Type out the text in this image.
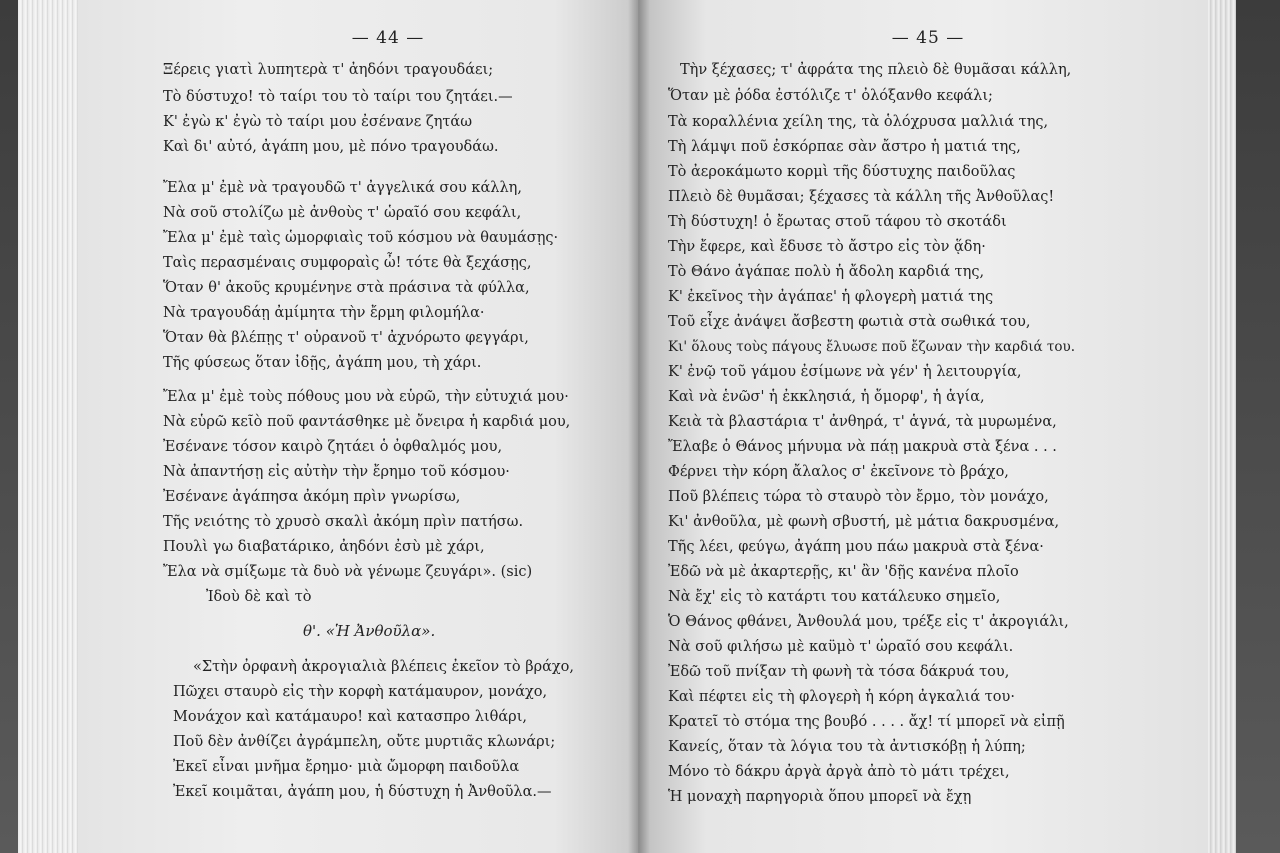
— 44 —
Ξέρεις γιατὶ λυπητερὰ τ' ἀηδόνι τραγουδάει;
Τὸ δύστυχο! τὸ ταίρι του τὸ ταίρι του ζητάει.—
Κ' ἐγὼ κ' ἐγὼ τὸ ταίρι μου ἐσένανε ζητάω
Καὶ δι' αὐτό, ἀγάπη μου, μὲ πόνο τραγουδάω.
Ἔλα μ' ἐμὲ νὰ τραγουδῶ τ' ἀγγελικά σου κάλλη,
Νὰ σοῦ στολίζω μὲ ἀνθοὺς τ' ὡραῖό σου κεφάλι,
Ἔλα μ' ἐμὲ ταὶς ὡμορφιαὶς τοῦ κόσμου νὰ θαυμάσῃς·
Ταὶς περασμέναις συμφοραὶς ὦ! τότε θὰ ξεχάσῃς,
Ὅταν θ' ἀκοῦς κρυμένηνε στὰ πράσινα τὰ φύλλα,
Νὰ τραγουδάῃ ἀμίμητα τὴν ἔρμη φιλομήλα·
Ὅταν θὰ βλέπῃς τ' οὐρανοῦ τ' ἀχνόρωτο φεγγάρι,
Τῆς φύσεως ὅταν ἰδῇς, ἀγάπη μου, τὴ χάρι.
Ἔλα μ' ἐμὲ τοὺς πόθους μου νὰ εὑρῶ, τὴν εὐτυχιά μου·
Νὰ εὑρῶ κεῖὸ ποῦ φαντάσθηκε μὲ ὄνειρα ἡ καρδιά μου,
Ἐσένανε τόσον καιρὸ ζητάει ὁ ὀφθαλμός μου,
Νὰ ἀπαντήσῃ εἰς αὐτὴν τὴν ἔρημο τοῦ κόσμου·
Ἐσένανε ἀγάπησα ἀκόμη πρὶν γνωρίσω,
Τῆς νειότης τὸ χρυσὸ σκαλὶ ἀκόμη πρὶν πατήσω.
Πουλὶ γω διαβατάρικο, ἀηδόνι ἐσὺ μὲ χάρι,
Ἔλα νὰ σμίξωμε τὰ δυὸ νὰ γένωμε ζευγάρι». (sic)
Ἰδοὺ δὲ καὶ τὸ
θ'. «Ἡ Ἀνθοῦλα».
«Στὴν ὀρφανὴ ἀκρογιαλιὰ βλέπεις ἐκεῖον τὸ βράχο,
Πῶχει σταυρὸ εἰς τὴν κορφὴ κατάμαυρον, μονάχο,
Μονάχον καὶ κατάμαυρο! καὶ κατασπρο λιθάρι,
Ποῦ δὲν ἀνθίζει ἀγράμπελη, οὔτε μυρτιᾶς κλωνάρι;
Ἐκεῖ εἶναι μνῆμα ἔρημο· μιὰ ὤμορφη παιδοῦλα
Ἐκεῖ κοιμᾶται, ἀγάπη μου, ἡ δύστυχη ἡ Ἀνθοῦλα.—
— 45 —
Τὴν ξέχασες; τ' ἀφράτα της πλειὸ δὲ θυμᾶσαι κάλλη,
Ὅταν μὲ ῥόδα ἐστόλιζε τ' ὀλόξανθο κεφάλι;
Τὰ κοραλλένια χείλη της, τὰ ὁλόχρυσα μαλλιά της,
Τὴ λάμψι ποῦ ἐσκόρπαε σὰν ἄστρο ἡ ματιά της,
Τὸ ἀεροκάμωτο κορμὶ τῆς δύστυχης παιδοῦλας
Πλειὸ δὲ θυμᾶσαι; ξέχασες τὰ κάλλη τῆς Ἀνθοῦλας!
Τὴ δύστυχη! ὁ ἔρωτας στοῦ τάφου τὸ σκοτάδι
Τὴν ἔφερε, καὶ ἔδυσε τὸ ἄστρο εἰς τὸν ᾅδη·
Τὸ Θάνο ἀγάπαε πολὺ ἡ ἄδολη καρδιά της,
Κ' ἐκεῖνος τὴν ἀγάπαε' ἡ φλογερὴ ματιά της
Τοῦ εἶχε ἀνάψει ἄσβεστη φωτιὰ στὰ σωθικά του,
Κι' ὅλους τοὺς πάγους ἔλυωσε ποῦ ἔζωναν τὴν καρδιά του.
Κ' ἐνῷ τοῦ γάμου ἐσίμωνε νὰ γέν' ἡ λειτουργία,
Καὶ νὰ ἑνῶσ' ἡ ἐκκλησιά, ἡ ὄμορφ', ἡ ἁγία,
Κειὰ τὰ βλαστάρια τ' ἀνθηρά, τ' ἁγνά, τὰ μυρωμένα,
Ἔλαβε ὁ Θάνος μήνυμα νὰ πάῃ μακρυὰ στὰ ξένα . . .
Φέρνει τὴν κόρη ἄλαλος σ' ἐκεῖνονε τὸ βράχο,
Ποῦ βλέπεις τώρα τὸ σταυρὸ τὸν ἔρμο, τὸν μονάχο,
Κι' ἀνθοῦλα, μὲ φωνὴ σβυστή, μὲ μάτια δακρυσμένα,
Τῆς λέει, φεύγω, ἀγάπη μου πάω μακρυὰ στὰ ξένα·
Ἐδῶ νὰ μὲ ἀκαρτερῇς, κι' ἂν 'δῇς κανένα πλοῖο
Νὰ ἔχ' εἰς τὸ κατάρτι του κατάλευκο σημεῖο,
Ὁ Θάνος φθάνει, Ἀνθουλά μου, τρέξε εἰς τ' ἀκρογιάλι,
Νὰ σοῦ φιλήσω μὲ καϋμὸ τ' ὡραῖό σου κεφάλι.
Ἐδῶ τοῦ πνίξαν τὴ φωνὴ τὰ τόσα δάκρυά του,
Καὶ πέφτει εἰς τὴ φλογερὴ ἡ κόρη ἀγκαλιά του·
Κρατεῖ τὸ στόμα της βουβό . . . . ἄχ! τί μπορεῖ νὰ εἰπῇ
Κανείς, ὅταν τὰ λόγια του τὰ ἀντισκόβῃ ἡ λύπη;
Μόνο τὸ δάκρυ ἀργὰ ἀργὰ ἀπὸ τὸ μάτι τρέχει,
Ἡ μοναχὴ παρηγοριὰ ὅπου μπορεῖ νὰ ἔχῃ
